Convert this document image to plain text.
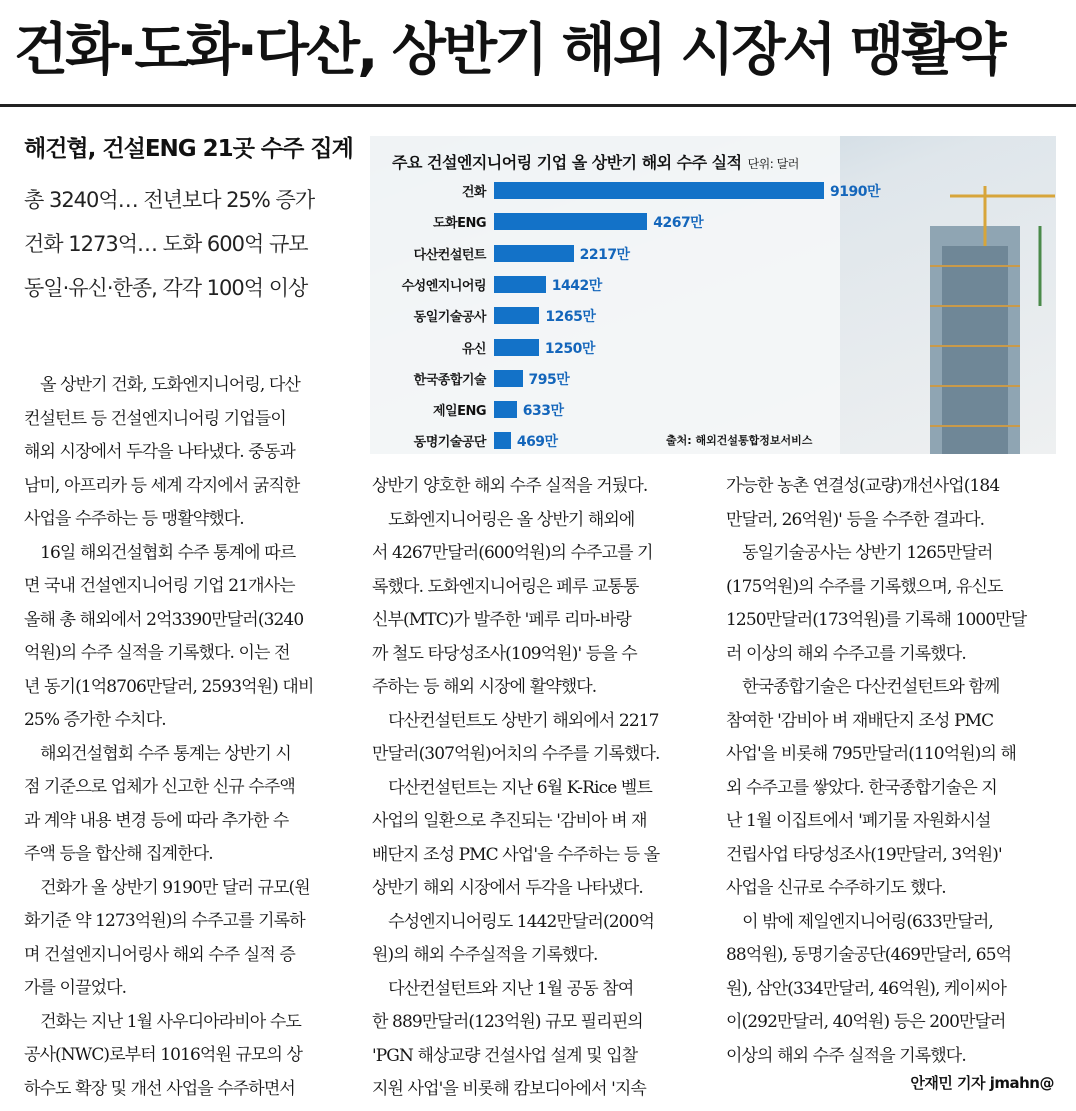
건화·도화·다산, 상반기 해외 시장서 맹활약
해건협, 건설ENG 21곳 수주 집계
총 3240억… 전년보다 25% 증가
건화 1273억… 도화 600억 규모
동일·유신·한종, 각각 100억 이상
주요 건설엔지니어링 기업 올 상반기 해외 수주 실적 단위: 달러
출처: 해외건설통합정보서비스
건화	9190만
도화ENG	4267만
다산컨설턴트	2217만
수성엔지니어링	1442만
동일기술공사	1265만
유신	1250만
한국종합기술	795만
제일ENG	633만
동명기술공단 469만
　올 상반기 건화, 도화엔지니어링, 다산
컨설턴트 등 건설엔지니어링 기업들이
해외 시장에서 두각을 나타냈다. 중동과
남미, 아프리카 등 세계 각지에서 굵직한
사업을 수주하는 등 맹활약했다.
　16일 해외건설협회 수주 통계에 따르
면 국내 건설엔지니어링 기업 21개사는
올해 총 해외에서 2억3390만달러(3240
억원)의 수주 실적을 기록했다. 이는 전
년 동기(1억8706만달러, 2593억원) 대비
25% 증가한 수치다.
　해외건설협회 수주 통계는 상반기 시
점 기준으로 업체가 신고한 신규 수주액
과 계약 내용 변경 등에 따라 추가한 수
주액 등을 합산해 집계한다.
　건화가 올 상반기 9190만 달러 규모(원
화기준 약 1273억원)의 수주고를 기록하
며 건설엔지니어링사 해외 수주 실적 증
가를 이끌었다.
　건화는 지난 1월 사우디아라비아 수도
공사(NWC)로부터 1016억원 규모의 상
하수도 확장 및 개선 사업을 수주하면서
상반기 양호한 해외 수주 실적을 거뒀다.
　도화엔지니어링은 올 상반기 해외에
서 4267만달러(600억원)의 수주고를 기
록했다. 도화엔지니어링은 페루 교통통
신부(MTC)가 발주한 '페루 리마-바랑
까 철도 타당성조사(109억원)' 등을 수
주하는 등 해외 시장에 활약했다.
　다산컨설턴트도 상반기 해외에서 2217
만달러(307억원)어치의 수주를 기록했다.
　다산컨설턴트는 지난 6월 K-Rice 벨트
사업의 일환으로 추진되는 '감비아 벼 재
배단지 조성 PMC 사업'을 수주하는 등 올
상반기 해외 시장에서 두각을 나타냈다.
　수성엔지니어링도 1442만달러(200억
원)의 해외 수주실적을 기록했다.
　다산컨설턴트와 지난 1월 공동 참여
한 889만달러(123억원) 규모 필리핀의
'PGN 해상교량 건설사업 설계 및 입찰
지원 사업'을 비롯해 캄보디아에서 '지속
가능한 농촌 연결성(교량)개선사업(184
만달러, 26억원)' 등을 수주한 결과다.
　동일기술공사는 상반기 1265만달러
(175억원)의 수주를 기록했으며, 유신도
1250만달러(173억원)를 기록해 1000만달
러 이상의 해외 수주고를 기록했다.
　한국종합기술은 다산컨설턴트와 함께
참여한 '감비아 벼 재배단지 조성 PMC
사업'을 비롯해 795만달러(110억원)의 해
외 수주고를 쌓았다. 한국종합기술은 지
난 1월 이집트에서 '폐기물 자원화시설
건립사업 타당성조사(19만달러, 3억원)'
사업을 신규로 수주하기도 했다.
　이 밖에 제일엔지니어링(633만달러,
88억원), 동명기술공단(469만달러, 65억
원), 삼안(334만달러, 46억원), 케이씨아
이(292만달러, 40억원) 등은 200만달러
이상의 해외 수주 실적을 기록했다.
안재민 기자 jmahn@
